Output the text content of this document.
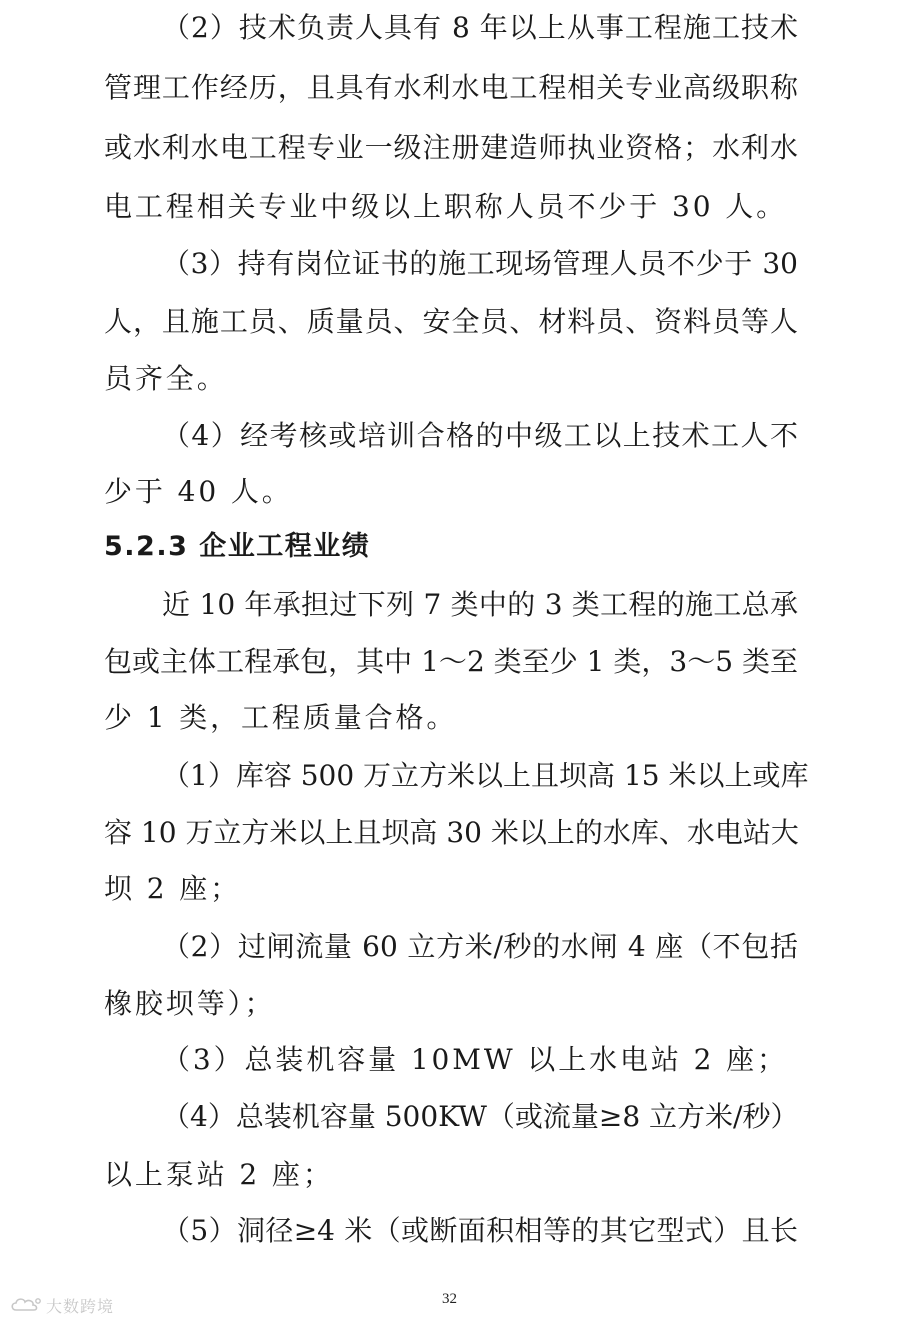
（2）技术负责人具有 8 年以上从事工程施工技术
管理工作经历，且具有水利水电工程相关专业高级职称
或水利水电工程专业一级注册建造师执业资格；水利水
电工程相关专业中级以上职称人员不少于 30 人。
（3）持有岗位证书的施工现场管理人员不少于 30
人，且施工员、质量员、安全员、材料员、资料员等人
员齐全。
（4）经考核或培训合格的中级工以上技术工人不
少于 40 人。
5.2.3 企业工程业绩
近 10 年承担过下列 7 类中的 3 类工程的施工总承
包或主体工程承包，其中 1～2 类至少 1 类，3～5 类至
少 1 类，工程质量合格。
（1）库容 500 万立方米以上且坝高 15 米以上或库
容 10 万立方米以上且坝高 30 米以上的水库、水电站大
坝 2 座；
（2）过闸流量 60 立方米/秒的水闸 4 座（不包括
橡胶坝等）；
（3）总装机容量 10MW 以上水电站 2 座；
（4）总装机容量 500KW（或流量≥8 立方米/秒）
以上泵站 2 座；
（5）洞径≥4 米（或断面积相等的其它型式）且长
32
大数跨境
